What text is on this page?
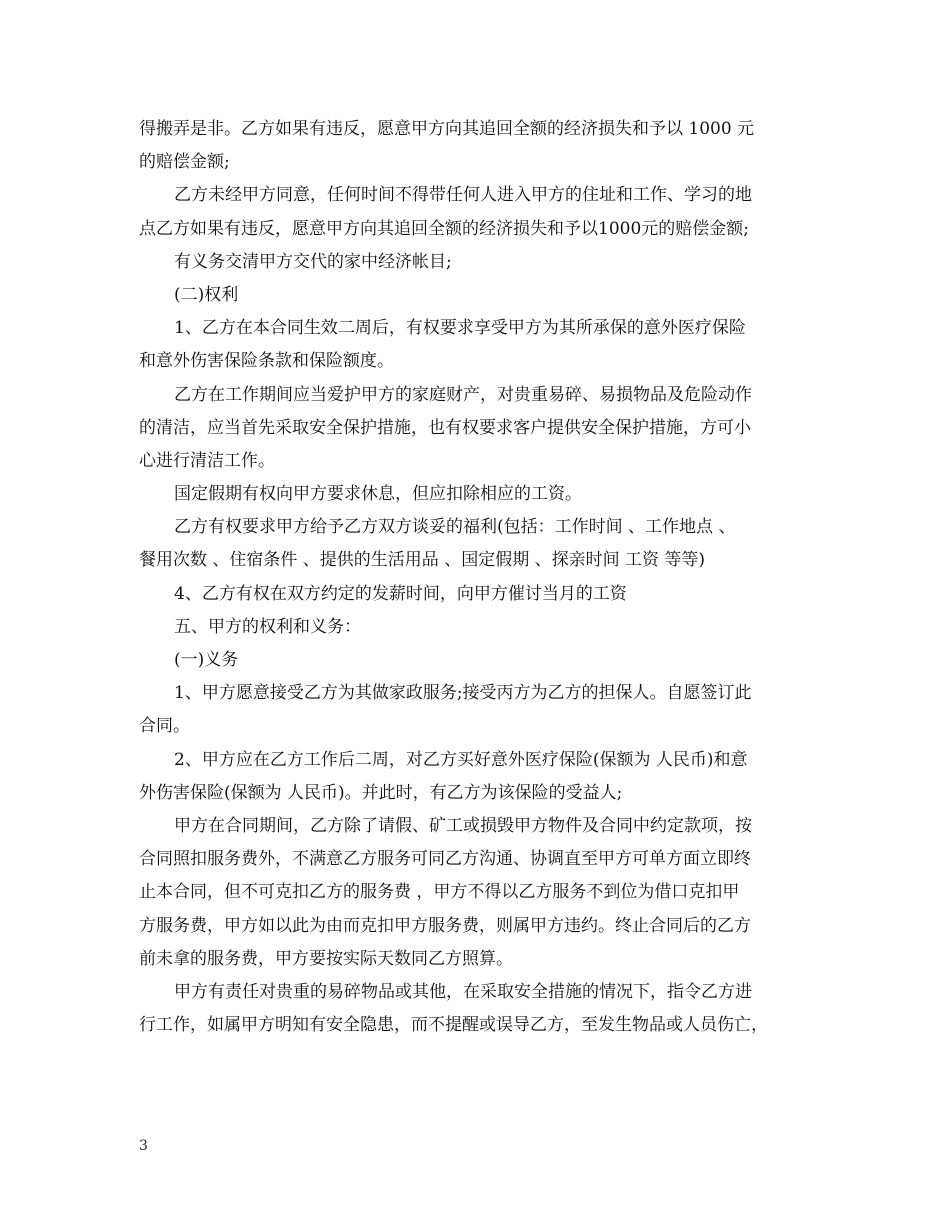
得搬弄是非。乙方如果有违反，愿意甲方向其追回全额的经济损失和予以 1000 元
的赔偿金额;
乙方未经甲方同意，任何时间不得带任何人进入甲方的住址和工作、学习的地
点乙方如果有违反，愿意甲方向其追回全额的经济损失和予以1000元的赔偿金额;
有义务交清甲方交代的家中经济帐目;
(二)权利
1、乙方在本合同生效二周后，有权要求享受甲方为其所承保的意外医疗保险
和意外伤害保险条款和保险额度。
乙方在工作期间应当爱护甲方的家庭财产，对贵重易碎、易损物品及危险动作
的清洁，应当首先采取安全保护措施，也有权要求客户提供安全保护措施，方可小
心进行清洁工作。
国定假期有权向甲方要求休息，但应扣除相应的工资。
乙方有权要求甲方给予乙方双方谈妥的福利(包括：工作时间 、工作地点 、
餐用次数 、住宿条件 、提供的生活用品 、国定假期 、探亲时间 工资 等等)
4、乙方有权在双方约定的发薪时间，向甲方催讨当月的工资
五、甲方的权利和义务：
(一)义务
1、甲方愿意接受乙方为其做家政服务;接受丙方为乙方的担保人。自愿签订此
合同。
2、甲方应在乙方工作后二周，对乙方买好意外医疗保险(保额为 人民币)和意
外伤害保险(保额为 人民币)。并此时，有乙方为该保险的受益人;
甲方在合同期间，乙方除了请假、矿工或损毁甲方物件及合同中约定款项，按
合同照扣服务费外，不满意乙方服务可同乙方沟通、协调直至甲方可单方面立即终
止本合同，但不可克扣乙方的服务费 ，甲方不得以乙方服务不到位为借口克扣甲
方服务费，甲方如以此为由而克扣甲方服务费，则属甲方违约。终止合同后的乙方
前未拿的服务费，甲方要按实际天数同乙方照算。
甲方有责任对贵重的易碎物品或其他，在采取安全措施的情况下，指令乙方进
行工作，如属甲方明知有安全隐患，而不提醒或误导乙方，至发生物品或人员伤亡，
3
